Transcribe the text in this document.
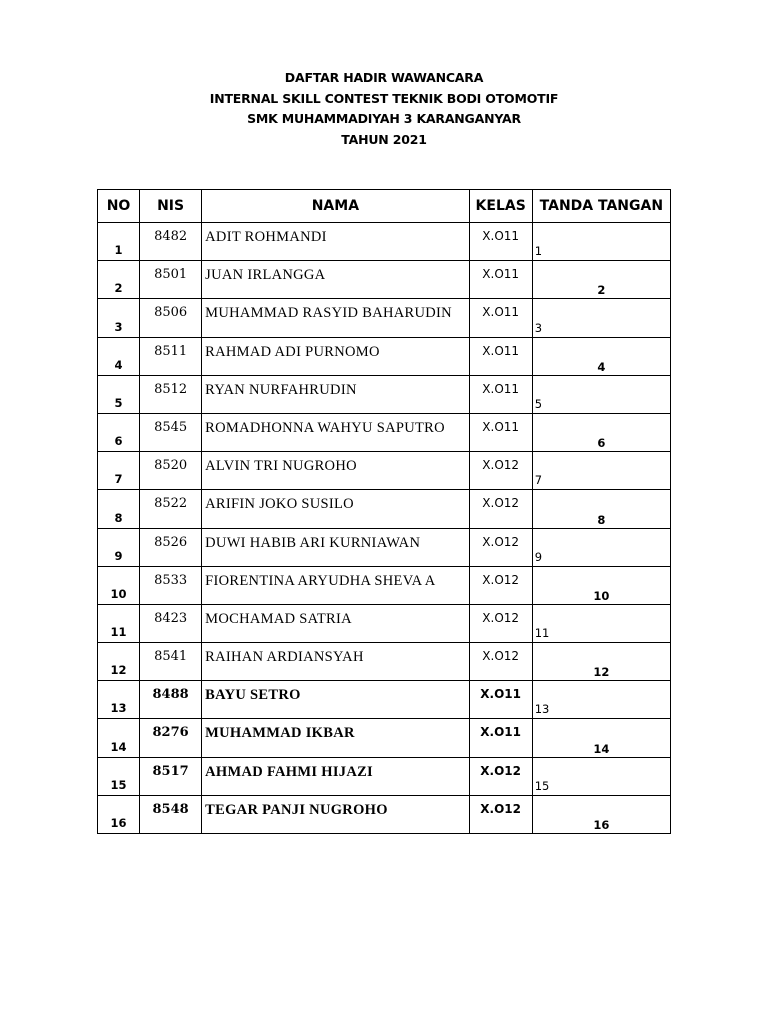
DAFTAR HADIR WAWANCARA
INTERNAL SKILL CONTEST TEKNIK BODI OTOMOTIF
SMK MUHAMMADIYAH 3 KARANGANYAR
TAHUN 2021
NO	NIS	NAMA	KELAS	TANDA TANGAN
1	8482	ADIT ROHMANDI	X.O11	1
2	8501	JUAN IRLANGGA	X.O11	2
3	8506	MUHAMMAD RASYID BAHARUDIN	X.O11	3
4	8511	RAHMAD ADI PURNOMO	X.O11	4
5	8512	RYAN NURFAHRUDIN	X.O11	5
6	8545	ROMADHONNA WAHYU SAPUTRO	X.O11	6
7	8520	ALVIN TRI NUGROHO	X.O12	7
8	8522	ARIFIN JOKO SUSILO	X.O12	8
9	8526	DUWI HABIB ARI KURNIAWAN	X.O12	9
10	8533	FIORENTINA ARYUDHA SHEVA A	X.O12	10
11	8423	MOCHAMAD SATRIA	X.O12	11
12	8541	RAIHAN ARDIANSYAH	X.O12	12
13	8488	BAYU SETRO	X.O11	13
14	8276	MUHAMMAD IKBAR	X.O11	14
15	8517	AHMAD FAHMI HIJAZI	X.O12	15
16	8548	TEGAR PANJI NUGROHO	X.O12	16
